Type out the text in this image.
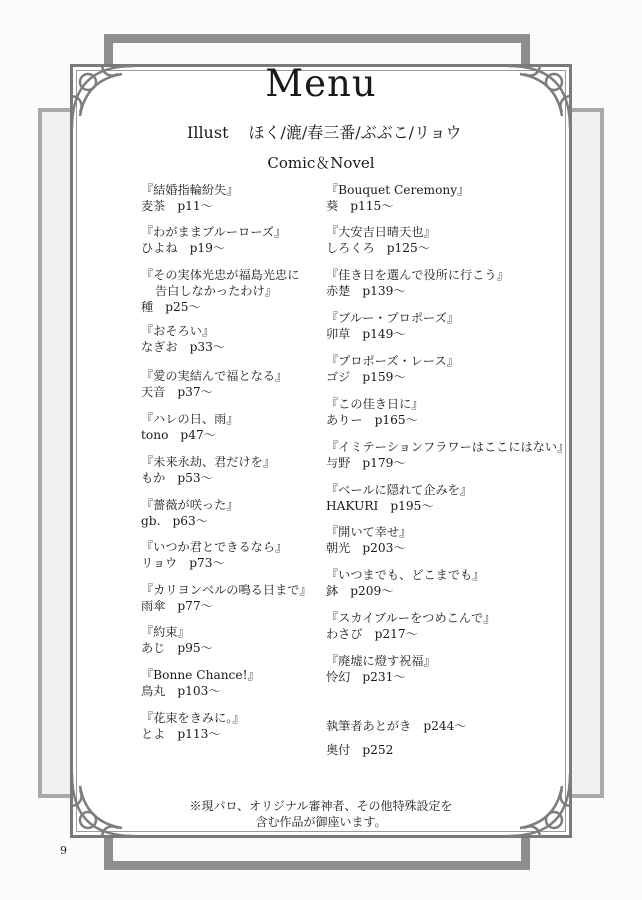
Menu
Illust ほく/漉/春三番/ぶぶこ/リョウ
Comic＆Novel
『結婚指輪紛失』
麦茶 p11〜
『わがままブルーローズ』
ひよね p19〜
『その実体光忠が福島光忠に
告白しなかったわけ』
種 p25〜
『おそろい』
なぎお p33〜
『愛の実結んで福となる』
天音 p37〜
『ハレの日、雨』
tono p47〜
『未来永劫、君だけを』
もか p53〜
『薔薇が咲った』
gb. p63〜
『いつか君とできるなら』
リョウ p73〜
『カリヨンベルの鳴る日まで』
雨傘 p77〜
『約束』
あじ p95〜
『Bonne Chance!』
鳥丸 p103〜
『花束をきみに。』
とよ p113〜
『Bouquet Ceremony』
葵 p115〜
『大安吉日晴天也』
しろくろ p125〜
『佳き日を選んで役所に行こう』
赤楚 p139〜
『ブルー・プロポーズ』
卯草 p149〜
『プロポーズ・レース』
ゴジ p159〜
『この佳き日に』
ありー p165〜
『イミテーションフラワーはここにはない』
与野 p179〜
『ベールに隠れて企みを』
HAKURI p195〜
『開いて幸せ』
朝光 p203〜
『いつまでも、どこまでも』
鉢 p209〜
『スカイブルーをつめこんで』
わさび p217〜
『廃墟に燈す祝福』
怜幻 p231〜
執筆者あとがき p244〜
奥付 p252
※現パロ、オリジナル審神者、その他特殊設定を
含む作品が御座います。
9
